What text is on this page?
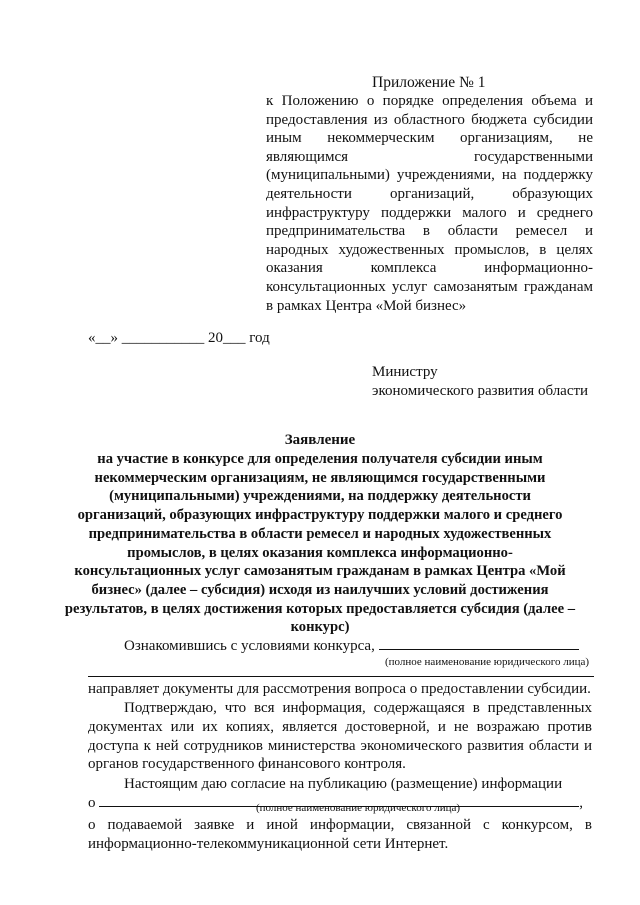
Приложение № 1
к Положению о порядке определения объема и предоставления из областного бюджета субсидии иным некоммерческим организациям, не являющимся государственными (муниципальными) учреждениями, на поддержку деятельности организаций, образующих инфраструктуру поддержки малого и среднего предпринимательства в области ремесел и народных художественных промыслов, в целях оказания комплекса информационно-консультационных услуг самозанятым гражданам в рамках Центра «Мой бизнес»
«__» ___________ 20___ год
Министру
экономического развития области
Заявление
на участие в конкурсе для определения получателя субсидии иным некоммерческим организациям, не являющимся государственными (муниципальными) учреждениями, на поддержку деятельности организаций, образующих инфраструктуру поддержки малого и среднего предпринимательства в области ремесел и народных художественных промыслов, в целях оказания комплекса информационно-консультационных услуг самозанятым гражданам в рамках Центра «Мой бизнес» (далее – субсидия) исходя из наилучших условий достижения результатов, в целях достижения которых предоставляется субсидия (далее – конкурс)
Ознакомившись с условиями конкурса,
(полное наименование юридического лица)
направляет документы для рассмотрения вопроса о предоставлении субсидии.
Подтверждаю, что вся информация, содержащаяся в представленных документах или их копиях, является достоверной, и не возражаю против доступа к ней сотрудников министерства экономического развития области и органов государственного финансового контроля.
Настоящим даю согласие на публикацию (размещение) информации
о	,
(полное наименование юридического лица)
о подаваемой заявке и иной информации, связанной с конкурсом, в информационно-телекоммуникационной сети Интернет.
